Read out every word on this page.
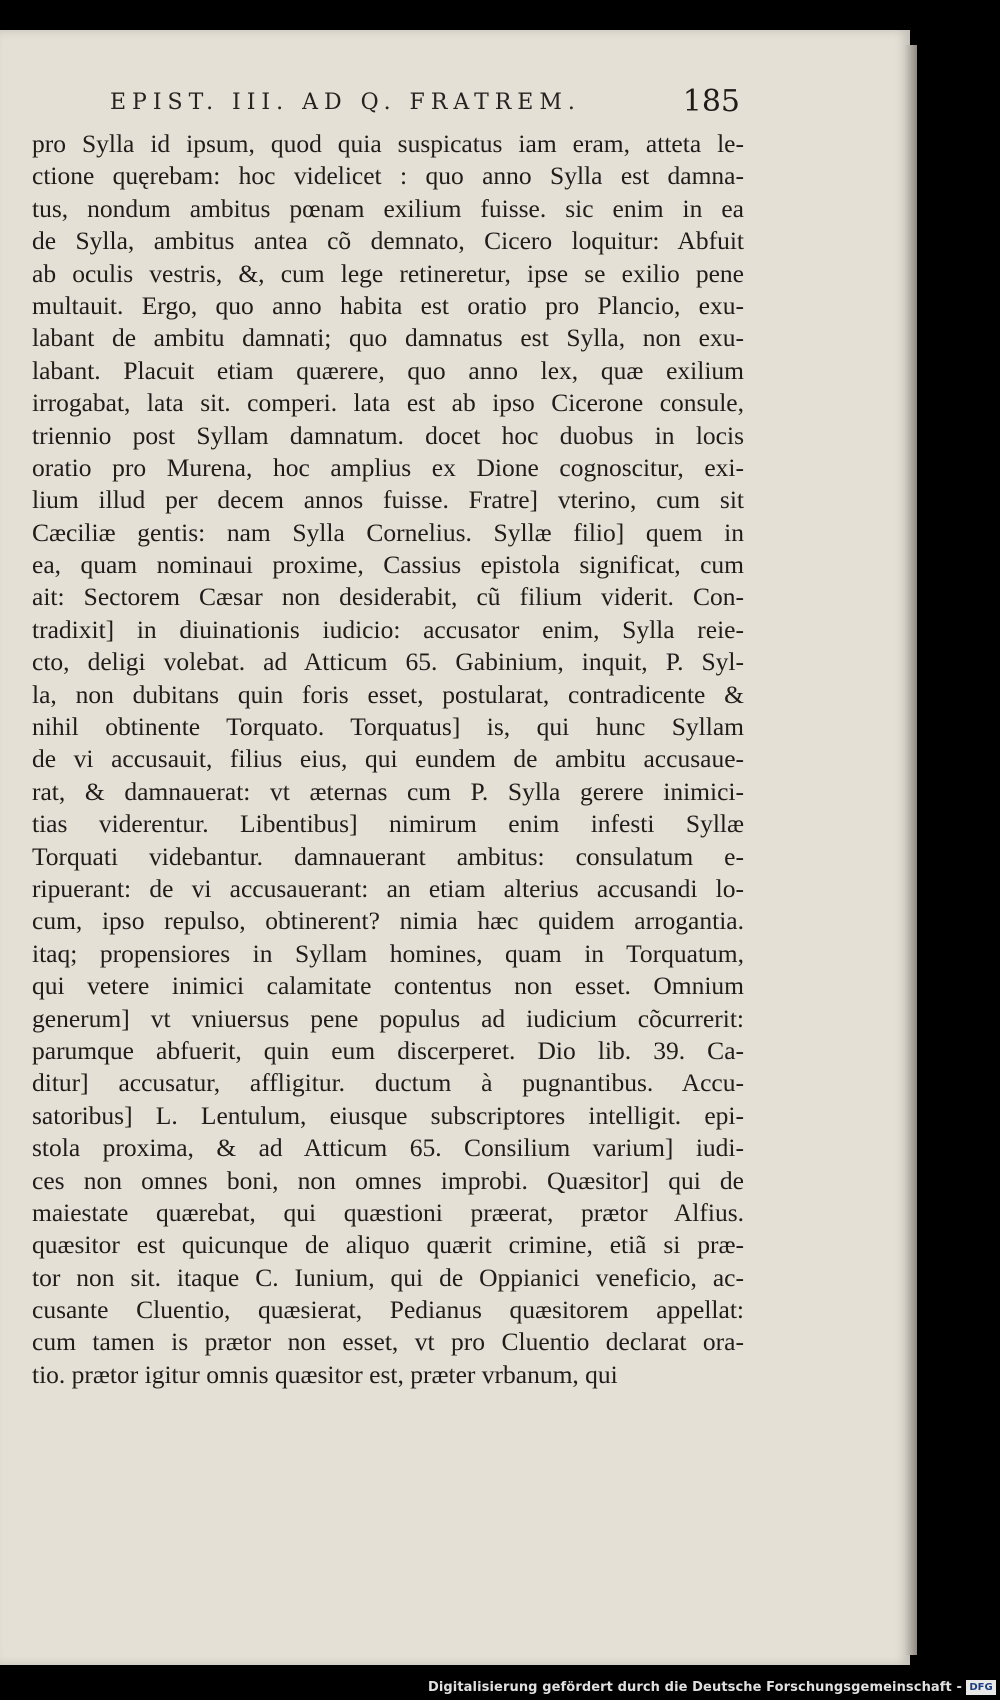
EPIST. III. AD Q. FRATREM.	185
pro Sylla id ipsum, quod quia suspicatus iam eram, atteta le-
ctione quęrebam: hoc videlicet : quo anno Sylla est damna-
tus, nondum ambitus pœnam exilium fuisse. sic enim in ea
de Sylla, ambitus antea cõ demnato, Cicero loquitur: Abfuit
ab oculis vestris, &, cum lege retineretur, ipse se exilio pene
multauit. Ergo, quo anno habita est oratio pro Plancio, exu-
labant de ambitu damnati; quo damnatus est Sylla, non exu-
labant. Placuit etiam quærere, quo anno lex, quæ exilium
irrogabat, lata sit. comperi. lata est ab ipso Cicerone consule,
triennio post Syllam damnatum. docet hoc duobus in locis
oratio pro Murena, hoc amplius ex Dione cognoscitur, exi-
lium illud per decem annos fuisse. Fratre] vterino, cum sit
Cæciliæ gentis: nam Sylla Cornelius. Syllæ filio] quem in
ea, quam nominaui proxime, Cassius epistola significat, cum
ait: Sectorem Cæsar non desiderabit, cũ filium viderit. Con-
tradixit] in diuinationis iudicio: accusator enim, Sylla reie-
cto, deligi volebat. ad Atticum 65. Gabinium, inquit, P. Syl-
la, non dubitans quin foris esset, postularat, contradicente &
nihil obtinente Torquato. Torquatus] is, qui hunc Syllam
de vi accusauit, filius eius, qui eundem de ambitu accusaue-
rat, & damnauerat: vt æternas cum P. Sylla gerere inimici-
tias viderentur. Libentibus] nimirum enim infesti Syllæ
Torquati videbantur. damnauerant ambitus: consulatum e-
ripuerant: de vi accusauerant: an etiam alterius accusandi lo-
cum, ipso repulso, obtinerent? nimia hæc quidem arrogantia.
itaq; propensiores in Syllam homines, quam in Torquatum,
qui vetere inimici calamitate contentus non esset. Omnium
generum] vt vniuersus pene populus ad iudicium cõcurrerit:
parumque abfuerit, quin eum discerperet. Dio lib. 39. Ca-
ditur] accusatur, affligitur. ductum à pugnantibus. Accu-
satoribus] L. Lentulum, eiusque subscriptores intelligit. epi-
stola proxima, & ad Atticum 65. Consilium varium] iudi-
ces non omnes boni, non omnes improbi. Quæsitor] qui de
maiestate quærebat, qui quæstioni præerat, prætor Alfius.
quæsitor est quicunque de aliquo quærit crimine, etiã si præ-
tor non sit. itaque C. Iunium, qui de Oppianici veneficio, ac-
cusante Cluentio, quæsierat, Pedianus quæsitorem appellat:
cum tamen is prætor non esset, vt pro Cluentio declarat ora-
tio. prætor igitur omnis quæsitor est, præter vrbanum, qui
Digitalisierung gefördert durch die Deutsche Forschungsgemeinschaft - DFG
